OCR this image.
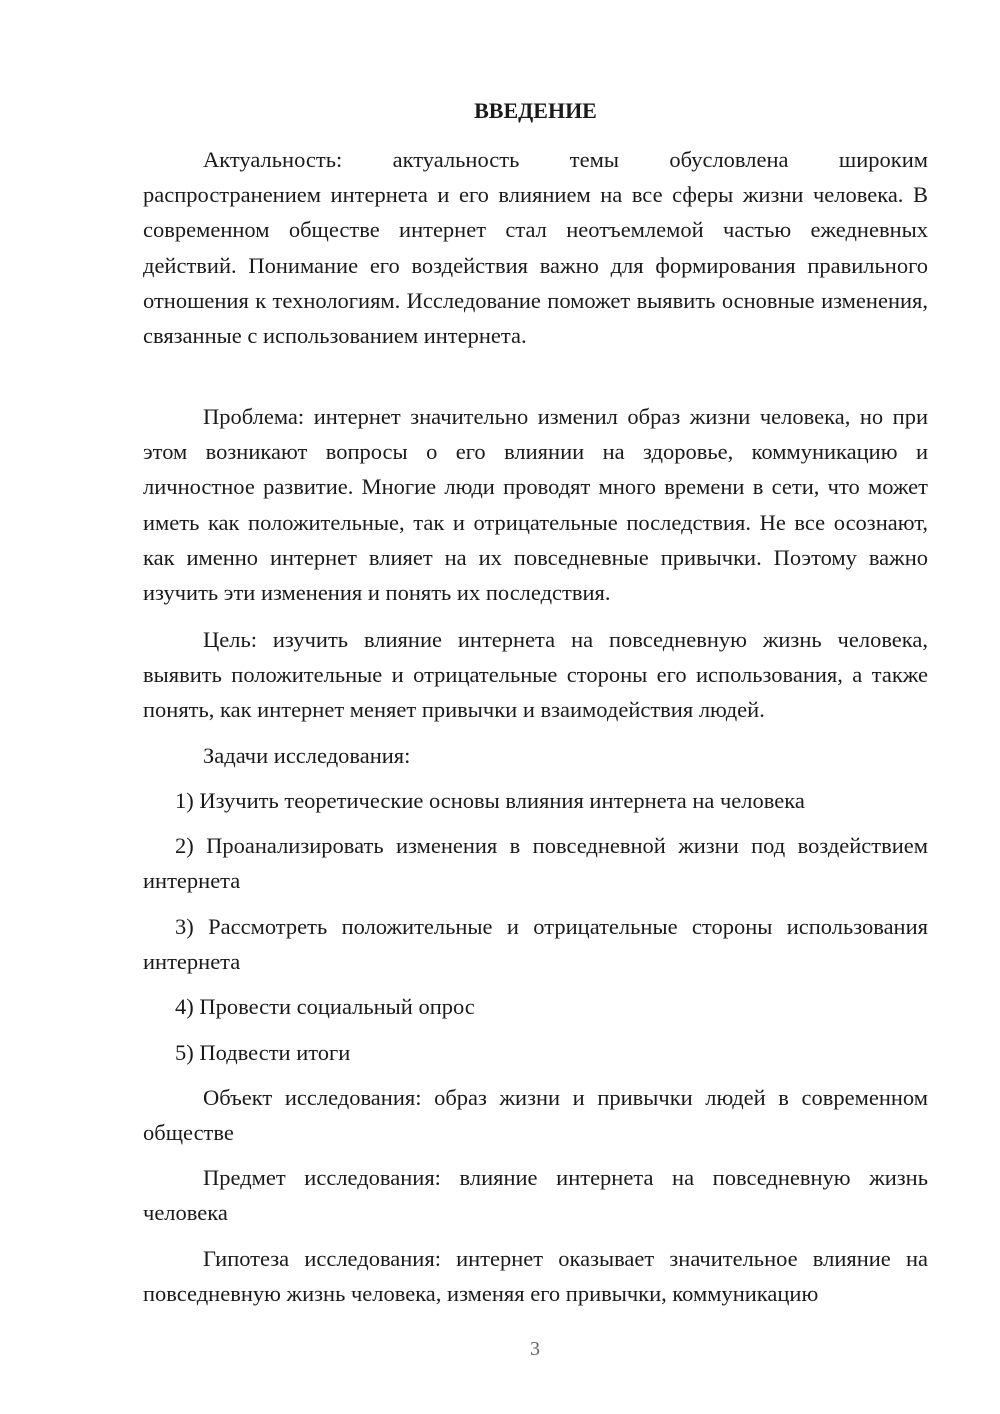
ВВЕДЕНИЕ

Актуальность: актуальность темы обусловлена широким распространением интернета и его влиянием на все сферы жизни человека. В современном обществе интернет стал неотъемлемой частью ежедневных действий. Понимание его воздействия важно для формирования правильного отношения к технологиям. Исследование поможет выявить основные изменения, связанные с использованием интернета.

Проблема: интернет значительно изменил образ жизни человека, но при этом возникают вопросы о его влиянии на здоровье, коммуникацию и личностное развитие. Многие люди проводят много времени в сети, что может иметь как положительные, так и отрицательные последствия. Не все осознают, как именно интернет влияет на их повседневные привычки. Поэтому важно изучить эти изменения и понять их последствия.

Цель: изучить влияние интернета на повседневную жизнь человека, выявить положительные и отрицательные стороны его использования, а также понять, как интернет меняет привычки и взаимодействия людей.

Задачи исследования:

1) Изучить теоретические основы влияния интернета на человека

2) Проанализировать изменения в повседневной жизни под воздействием интернета

3) Рассмотреть положительные и отрицательные стороны использования интернета

4) Провести социальный опрос

5) Подвести итоги

Объект исследования: образ жизни и привычки людей в современном обществе

Предмет исследования: влияние интернета на повседневную жизнь человека

Гипотеза исследования: интернет оказывает значительное влияние на повседневную жизнь человека, изменяя его привычки, коммуникацию

3
